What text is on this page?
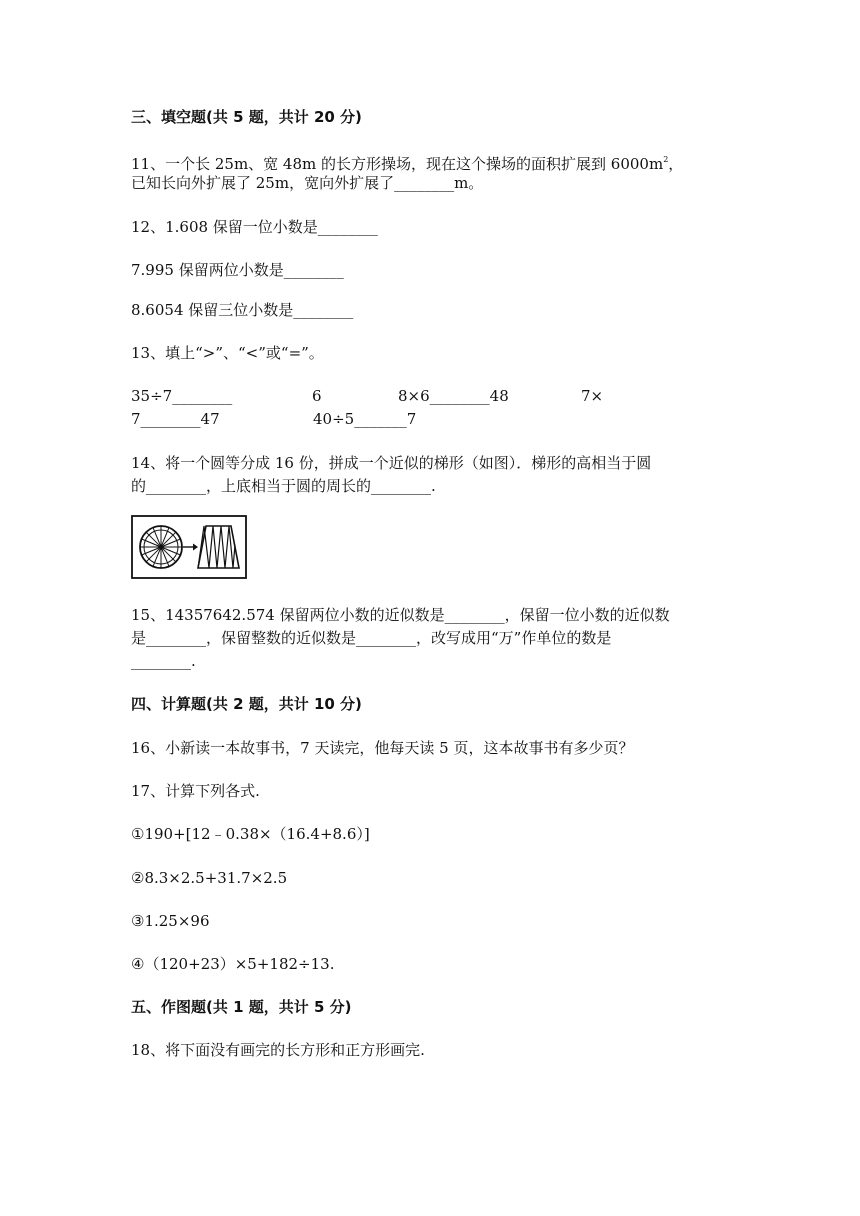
三、填空题(共 5 题，共计 20 分)
11、一个长 25m、宽 48m 的长方形操场，现在这个操场的面积扩展到 $6000m^2$，
已知长向外扩展了 25m，宽向外扩展了________m。
12、1.608 保留一位小数是________
7.995 保留两位小数是________
8.6054 保留三位小数是________
13、填上“>”、“<”或“=”。
35÷7________	6	8×6________48	7×
7________47	40÷5_______7
14、将一个圆等分成 16 份，拼成一个近似的梯形（如图）．梯形的高相当于圆
的________，上底相当于圆的周长的________.
15、14357642.574 保留两位小数的近似数是________，保留一位小数的近似数
是________，保留整数的近似数是________，改写成用“万”作单位的数是
________.
四、计算题(共 2 题，共计 10 分)
16、小新读一本故事书，7 天读完，他每天读 5 页，这本故事书有多少页？
17、计算下列各式.
①190+[12﹣0.38×（16.4+8.6）]
②8.3×2.5+31.7×2.5
③1.25×96
④（120+23）×5+182÷13.
五、作图题(共 1 题，共计 5 分)
18、将下面没有画完的长方形和正方形画完.
